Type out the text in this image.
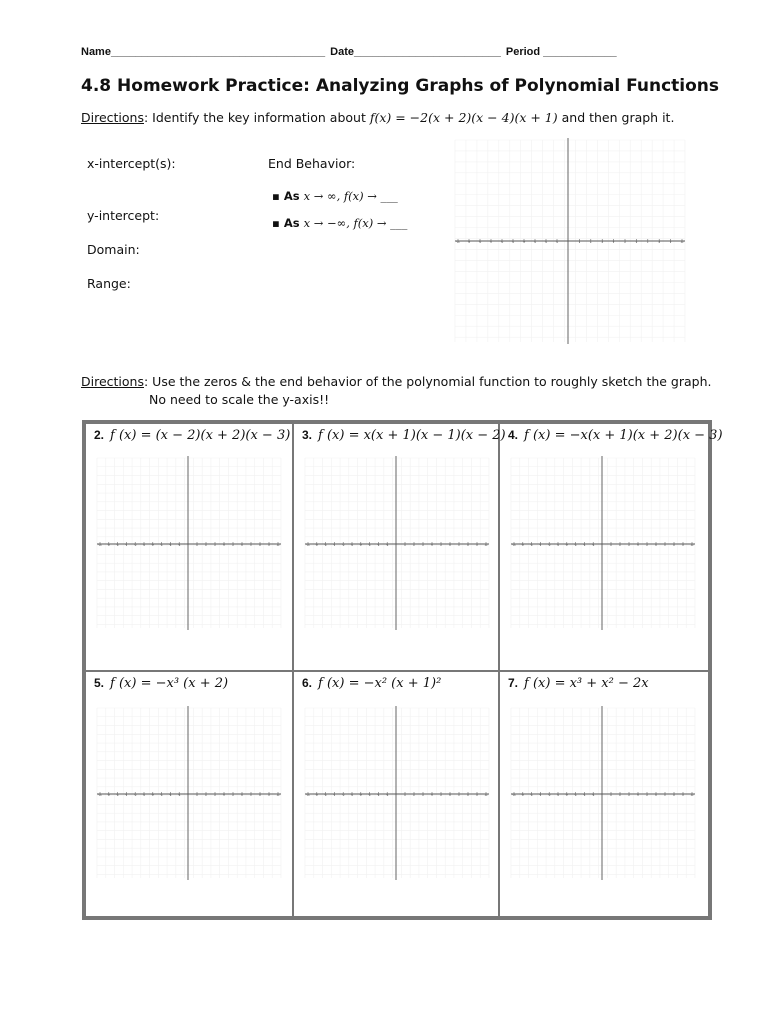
Name___________________________________ Date________________________ Period ____________
4.8 Homework Practice: Analyzing Graphs of Polynomial Functions
Directions: Identify the key information about f(x) = −2(x + 2)(x − 4)(x + 1) and then graph it.
x-intercept(s):
y-intercept:
Domain:
Range:
End Behavior:
▪ As x → ∞, f(x) → ___
▪ As x → −∞, f(x) → ___
-10	-9	-8	-7	-6	-5	-4	-3	-2	-1	1	2	3	4	5	6	7	8	9	10
Directions: Use the zeros & the end behavior of the polynomial function to roughly sketch the graph.
No need to scale the y-axis!!
2. f (x) = (x − 2)(x + 2)(x − 3)
-10 -9 -8 -7 -6 -5 -4 -3 -2 -1	1	2	3	4	5	6	7	8	9	10
3. f (x) = x(x + 1)(x − 1)(x − 2)
-10 -9 -8 -7 -6 -5 -4 -3 -2 -1	1	2	3	4	5	6	7	8	9	10
4. f (x) = −x(x + 1)(x + 2)(x − 3)
-10 -9 -8 -7 -6 -5 -4 -3 -2 -1	1	2	3	4	5	6	7	8	9	10
5. f (x) = −x³ (x + 2)
-10 -9 -8 -7 -6 -5 -4 -3 -2 -1	1	2	3	4	5	6	7	8	9	10
6. f (x) = −x² (x + 1)²
-10 -9 -8 -7 -6 -5 -4 -3 -2 -1	1	2	3	4	5	6	7	8	9	10
7. f (x) = x³ + x² − 2x
-10 -9 -8 -7 -6 -5 -4 -3 -2 -1	1	2	3	4	5	6	7	8	9	10
